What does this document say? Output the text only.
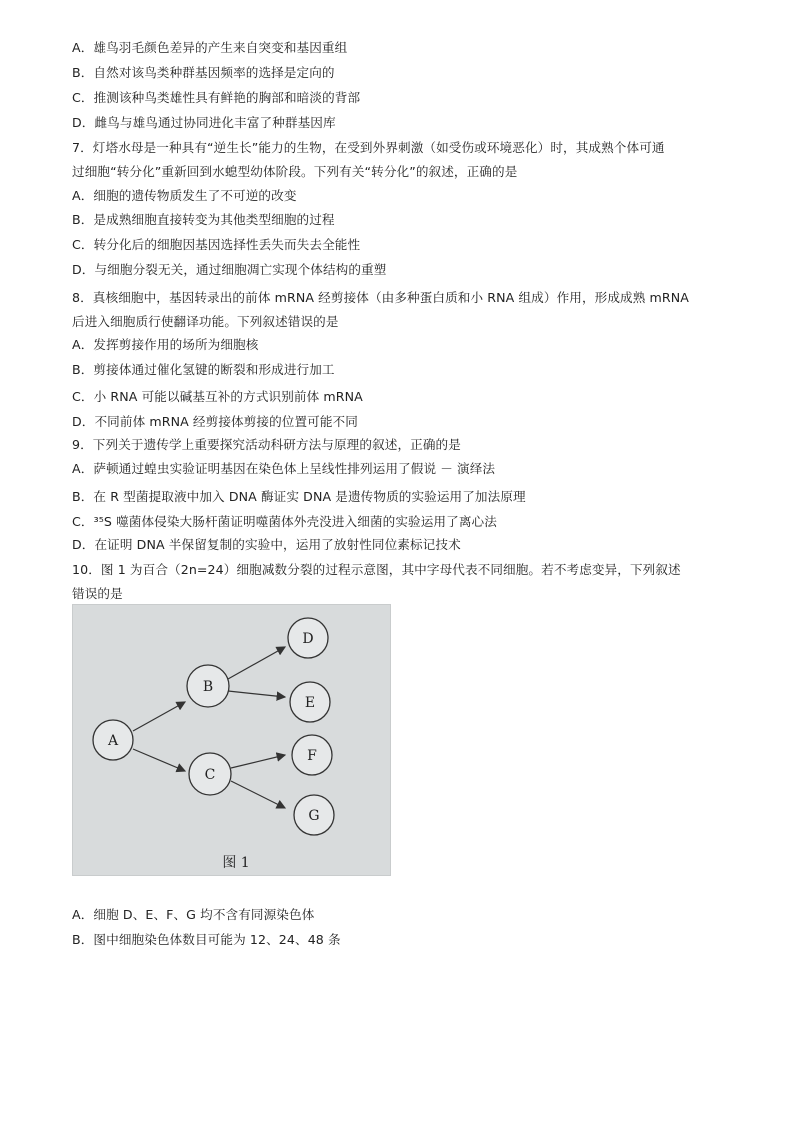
A．雄鸟羽毛颜色差异的产生来自突变和基因重组
B．自然对该鸟类种群基因频率的选择是定向的
C．推测该种鸟类雄性具有鲜艳的胸部和暗淡的背部
D．雌鸟与雄鸟通过协同进化丰富了种群基因库
7．灯塔水母是一种具有“逆生长”能力的生物，在受到外界刺激（如受伤或环境恶化）时，其成熟个体可通
过细胞“转分化”重新回到水螅型幼体阶段。下列有关“转分化”的叙述，正确的是
A．细胞的遗传物质发生了不可逆的改变
B．是成熟细胞直接转变为其他类型细胞的过程
C．转分化后的细胞因基因选择性丢失而失去全能性
D．与细胞分裂无关，通过细胞凋亡实现个体结构的重塑
8．真核细胞中，基因转录出的前体 mRNA 经剪接体（由多种蛋白质和小 RNA 组成）作用，形成成熟 mRNA
后进入细胞质行使翻译功能。下列叙述错误的是
A．发挥剪接作用的场所为细胞核
B．剪接体通过催化氢键的断裂和形成进行加工
C．小 RNA 可能以碱基互补的方式识别前体 mRNA
D．不同前体 mRNA 经剪接体剪接的位置可能不同
9．下列关于遗传学上重要探究活动科研方法与原理的叙述，正确的是
A．萨顿通过蝗虫实验证明基因在染色体上呈线性排列运用了假说 － 演绎法
B．在 R 型菌提取液中加入 DNA 酶证实 DNA 是遗传物质的实验运用了加法原理
C．³⁵S 噬菌体侵染大肠杆菌证明噬菌体外壳没进入细菌的实验运用了离心法
D．在证明 DNA 半保留复制的实验中，运用了放射性同位素标记技术
10．图 1 为百合（2n=24）细胞减数分裂的过程示意图，其中字母代表不同细胞。若不考虑变异，下列叙述
错误的是
A
B
C
D
E
F
G
图 1
A．细胞 D、E、F、G 均不含有同源染色体
B．图中细胞染色体数目可能为 12、24、48 条
